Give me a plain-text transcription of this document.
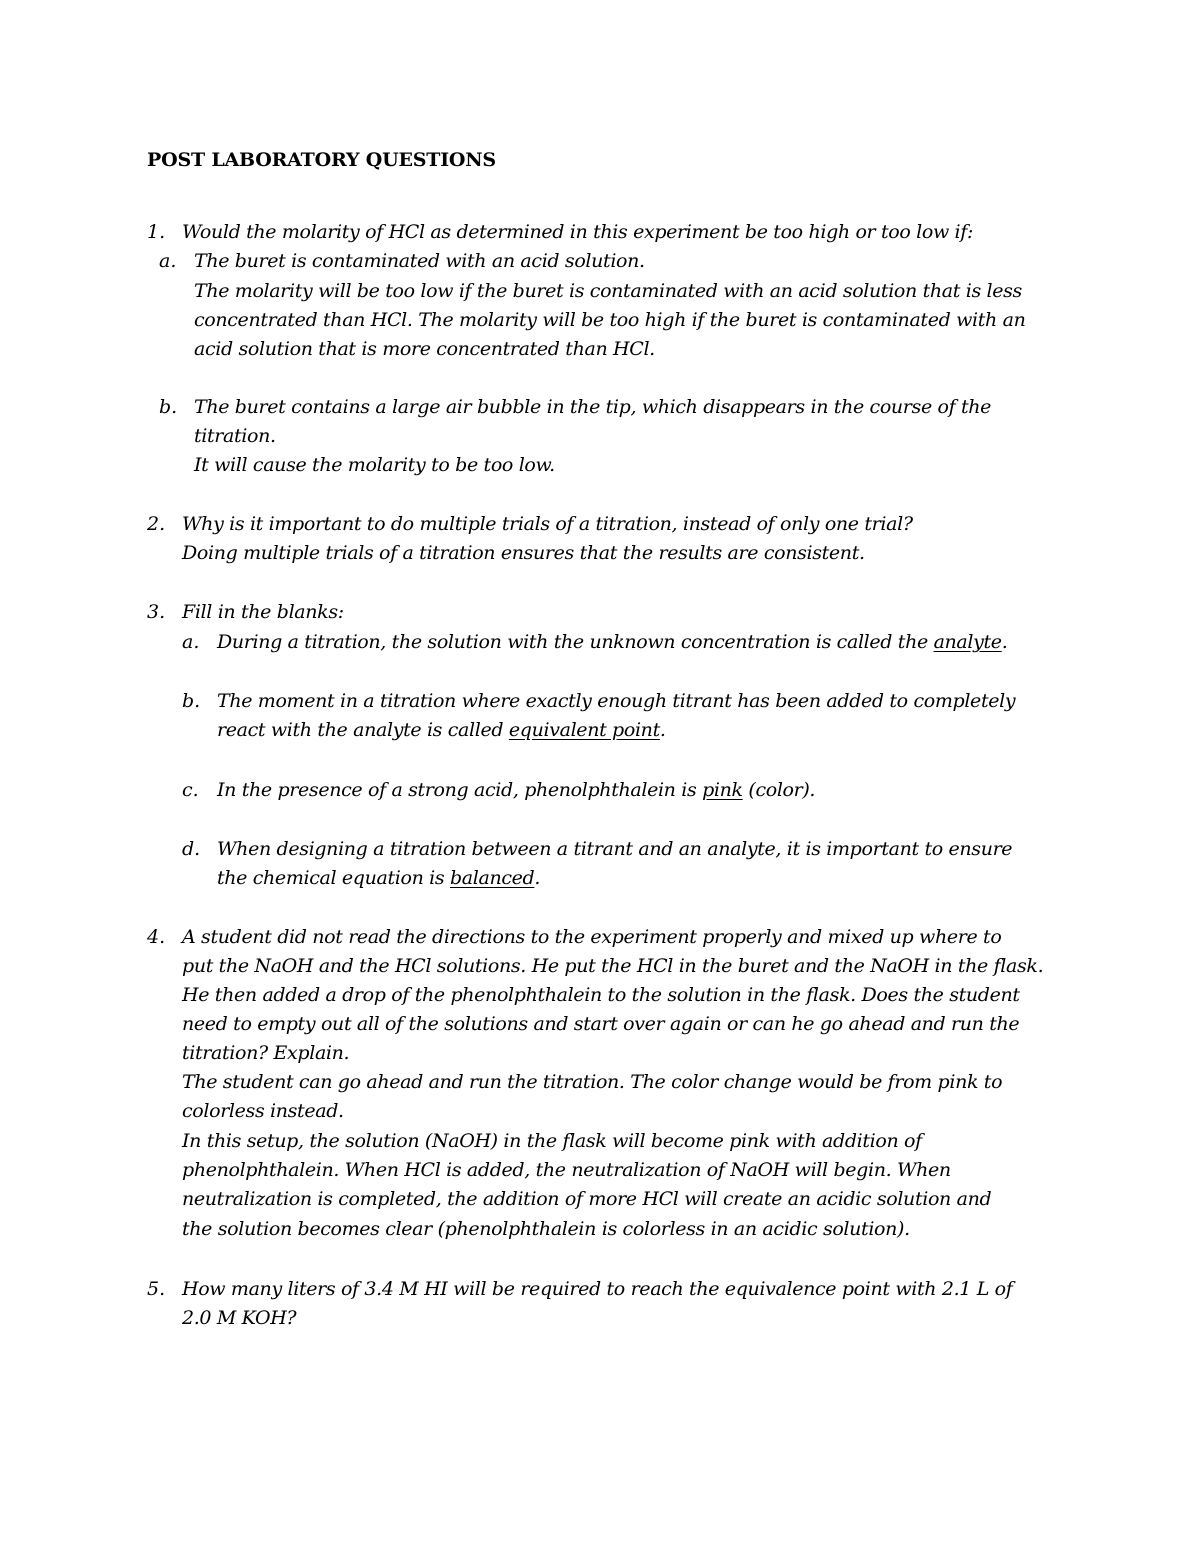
POST LABORATORY QUESTIONS
1. Would the molarity of HCl as determined in this experiment be too high or too low if:
a. The buret is contaminated with an acid solution.
The molarity will be too low if the buret is contaminated with an acid solution that is less
concentrated than HCl. The molarity will be too high if the buret is contaminated with an
acid solution that is more concentrated than HCl.
b. The buret contains a large air bubble in the tip, which disappears in the course of the
titration.
It will cause the molarity to be too low.
2. Why is it important to do multiple trials of a titration, instead of only one trial?
Doing multiple trials of a titration ensures that the results are consistent.
3. Fill in the blanks:
a. During a titration, the solution with the unknown concentration is called the analyte.
b. The moment in a titration where exactly enough titrant has been added to completely
react with the analyte is called equivalent point.
c. In the presence of a strong acid, phenolphthalein is pink (color).
d. When designing a titration between a titrant and an analyte, it is important to ensure
the chemical equation is balanced.
4. A student did not read the directions to the experiment properly and mixed up where to
put the NaOH and the HCl solutions. He put the HCl in the buret and the NaOH in the flask.
He then added a drop of the phenolphthalein to the solution in the flask. Does the student
need to empty out all of the solutions and start over again or can he go ahead and run the
titration? Explain.
The student can go ahead and run the titration. The color change would be from pink to
colorless instead.
In this setup, the solution (NaOH) in the flask will become pink with addition of
phenolphthalein. When HCl is added, the neutralization of NaOH will begin. When
neutralization is completed, the addition of more HCl will create an acidic solution and
the solution becomes clear (phenolphthalein is colorless in an acidic solution).
5. How many liters of 3.4 M HI will be required to reach the equivalence point with 2.1 L of
2.0 M KOH?
